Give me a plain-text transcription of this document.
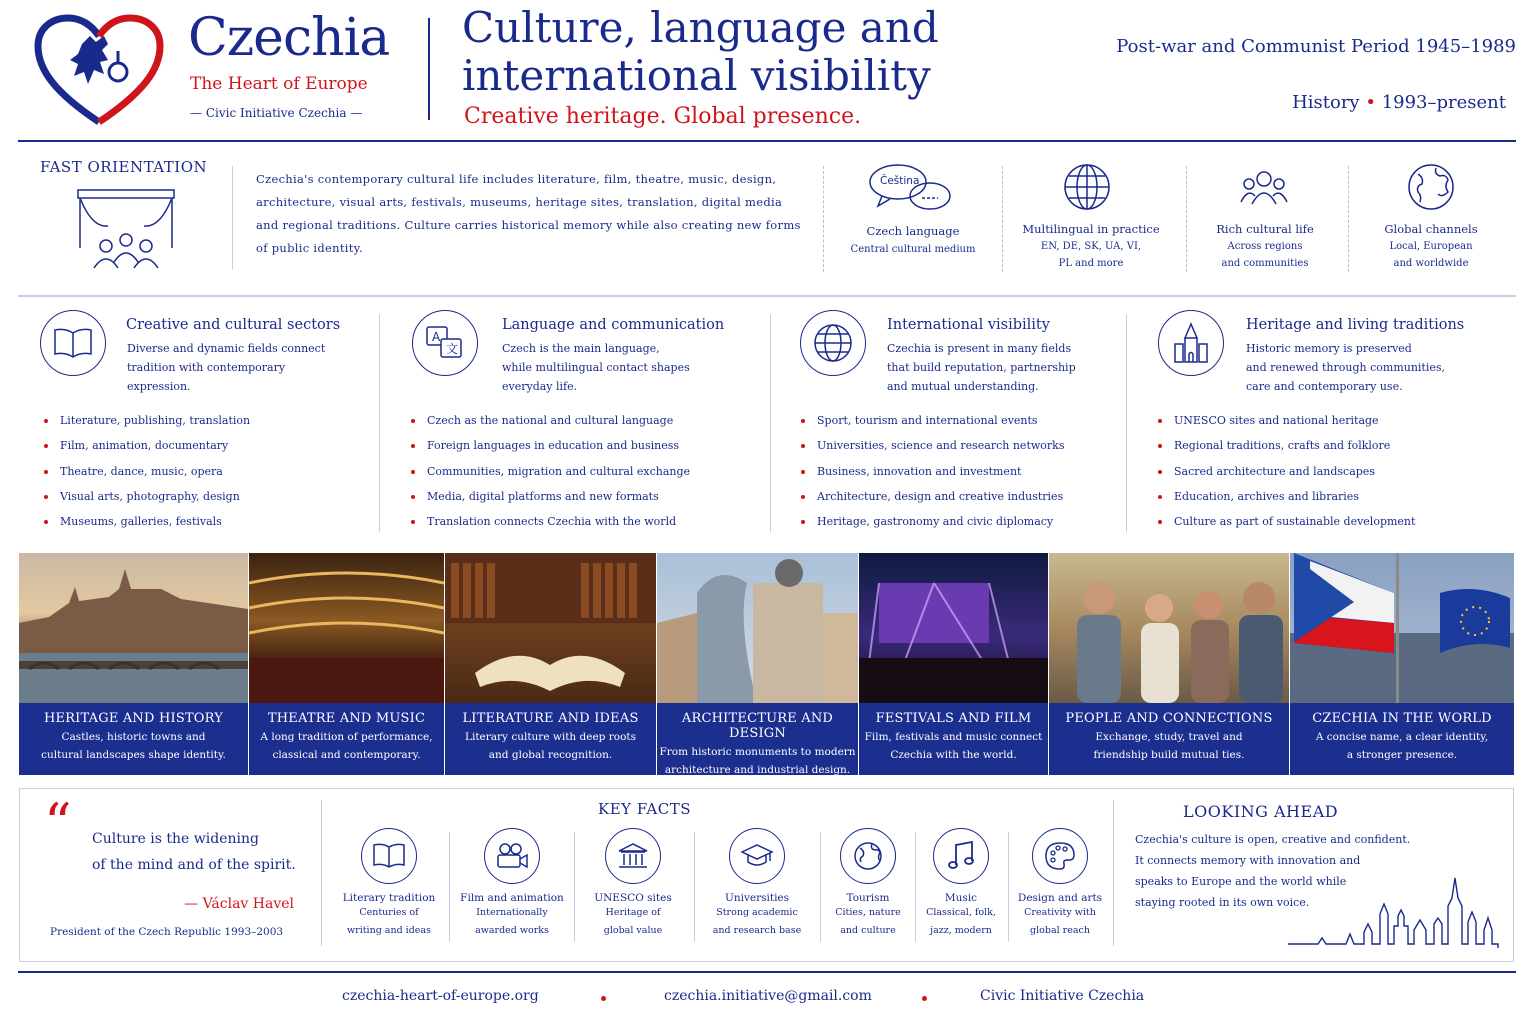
Czechia
The Heart of Europe
— Civic Initiative Czechia —
Culture, language and
international visibility
Creative heritage. Global presence.
Post-war and Communist Period 1945–1989
History • 1993–present
FAST ORIENTATION
Czechia's contemporary cultural life includes literature, film, theatre, music, design, architecture, visual arts, festivals, museums, heritage sites, translation, digital media and regional traditions. Culture carries historical memory while also creating new forms of public identity.
Čeština
Czech language
Central cultural medium
Multilingual in practice
EN, DE, SK, UA, VI,
PL and more
Rich cultural life
Across regions
and communities
Global channels
Local, European
and worldwide
Creative and cultural sectors
Diverse and dynamic fields connect
tradition with contemporary
expression.
Literature, publishing, translation
Film, animation, documentary
Theatre, dance, music, opera
Visual arts, photography, design
Museums, galleries, festivals
A
文
Language and communication
Czech is the main language,
while multilingual contact shapes
everyday life.
Czech as the national and cultural language
Foreign languages in education and business
Communities, migration and cultural exchange
Media, digital platforms and new formats
Translation connects Czechia with the world
International visibility
Czechia is present in many fields
that build reputation, partnership
and mutual understanding.
Sport, tourism and international events
Universities, science and research networks
Business, innovation and investment
Architecture, design and creative industries
Heritage, gastronomy and civic diplomacy
Heritage and living traditions
Historic memory is preserved
and renewed through communities,
care and contemporary use.
UNESCO sites and national heritage
Regional traditions, crafts and folklore
Sacred architecture and landscapes
Education, archives and libraries
Culture as part of sustainable development
HERITAGE AND HISTORY
Castles, historic towns and
cultural landscapes shape identity.
THEATRE AND MUSIC
A long tradition of performance,
classical and contemporary.
LITERATURE AND IDEAS
Literary culture with deep roots
and global recognition.
ARCHITECTURE AND DESIGN
From historic monuments to modern
architecture and industrial design.
FESTIVALS AND FILM
Film, festivals and music connect
Czechia with the world.
PEOPLE AND CONNECTIONS
Exchange, study, travel and
friendship build mutual ties.
CZECHIA IN THE WORLD
A concise name, a clear identity,
a stronger presence.
“ Culture is the widening
of the mind and of the spirit.
— Václav Havel
President of the Czech Republic 1993–2003
KEY FACTS
Literary tradition
Centuries of
writing and ideas
Film and animation
Internationally
awarded works
UNESCO sites
Heritage of
global value
Universities
Strong academic
and research base
Tourism
Cities, nature
and culture
Music
Classical, folk,
jazz, modern
Design and arts
Creativity with
global reach
LOOKING AHEAD
Czechia's culture is open, creative and confident.
It connects memory with innovation and
speaks to Europe and the world while
staying rooted in its own voice.
czechia-heart-of-europe.org	czechia.initiative@gmail.com	Civic Initiative Czechia
